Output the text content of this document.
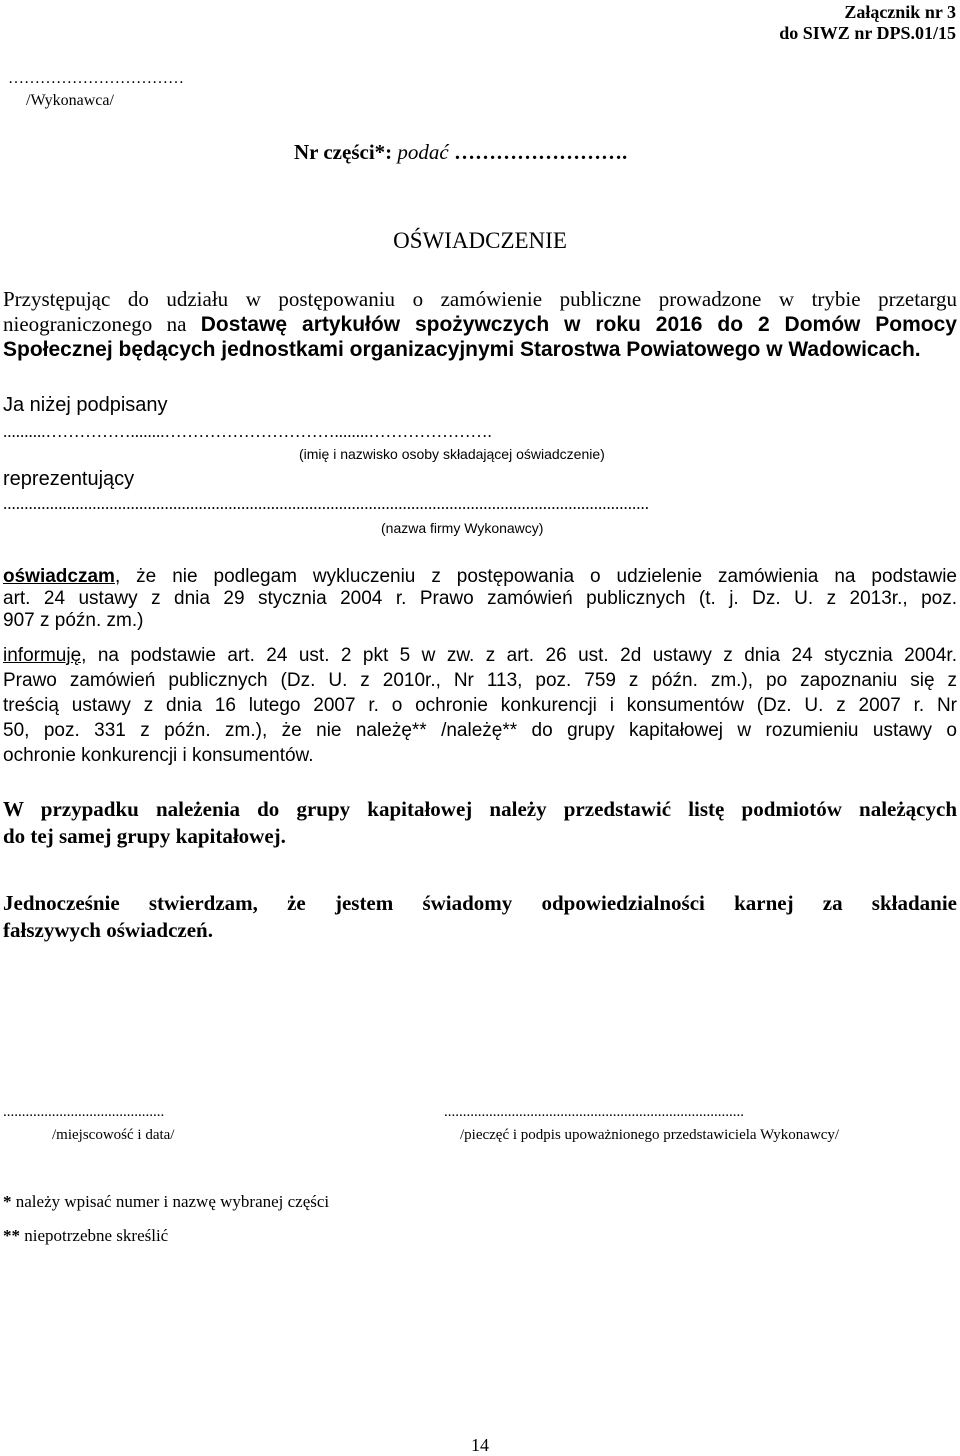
Załącznik nr 3
do SIWZ nr DPS.01/15
……………………………
/Wykonawca/
Nr części*: podać …………………….
OŚWIADCZENIE
Przystępując do udziału w postępowaniu o zamówienie publiczne prowadzone w trybie przetargu
nieograniczonego na Dostawę artykułów spożywczych w roku 2016 do 2 Domów Pomocy
Społecznej będących jednostkami organizacyjnymi Starostwa Powiatowego w Wadowicach.
Ja niżej podpisany
..........……………........…………………………........………………….
(imię i nazwisko osoby składającej oświadczenie)
reprezentujący
........................................................................................................................................................
(nazwa firmy Wykonawcy)
oświadczam, że nie podlegam wykluczeniu z postępowania o udzielenie zamówienia na podstawie
art. 24 ustawy z dnia 29 stycznia 2004 r. Prawo zamówień publicznych (t. j. Dz. U. z 2013r., poz.
907 z późn. zm.)
informuję, na podstawie art. 24 ust. 2 pkt 5 w zw. z art. 26 ust. 2d ustawy z dnia 24 stycznia 2004r.
Prawo zamówień publicznych (Dz. U. z 2010r., Nr 113, poz. 759 z późn. zm.), po zapoznaniu się z
treścią ustawy z dnia 16 lutego 2007 r. o ochronie konkurencji i konsumentów (Dz. U. z 2007 r. Nr
50, poz. 331 z późn. zm.), że nie należę** /należę** do grupy kapitałowej w rozumieniu ustawy o
ochronie konkurencji i konsumentów.
W przypadku należenia do grupy kapitałowej należy przedstawić listę podmiotów należących
do tej samej grupy kapitałowej.
Jednocześnie stwierdzam, że jestem świadomy odpowiedzialności karnej za składanie
fałszywych oświadczeń.
...........................................
/miejscowość i data/
................................................................................
/pieczęć i podpis upoważnionego przedstawiciela Wykonawcy/
* należy wpisać numer i nazwę wybranej części
** niepotrzebne skreślić
14
